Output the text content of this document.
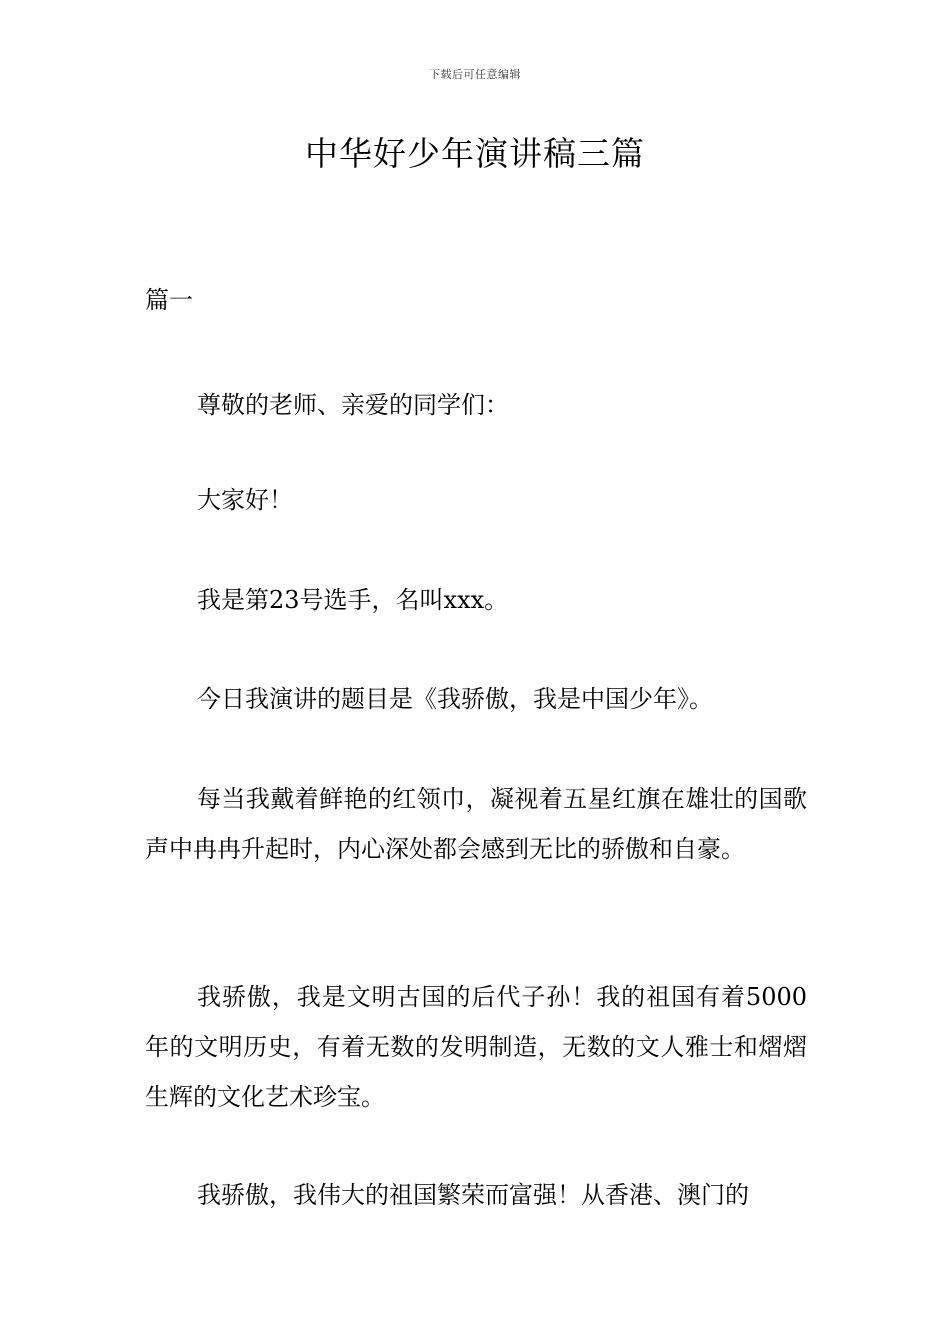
下载后可任意编辑
中华好少年演讲稿三篇

篇一

尊敬的老师、亲爱的同学们：

大家好！

我是第23号选手，名叫xxx。

今日我演讲的题目是《我骄傲，我是中国少年》。

每当我戴着鲜艳的红领巾，凝视着五星红旗在雄壮的国歌声中冉冉升起时，内心深处都会感到无比的骄傲和自豪。

我骄傲，我是文明古国的后代子孙！我的祖国有着5000年的文明历史，有着无数的发明制造，无数的文人雅士和熠熠生辉的文化艺术珍宝。

我骄傲，我伟大的祖国繁荣而富强！从香港、澳门的
